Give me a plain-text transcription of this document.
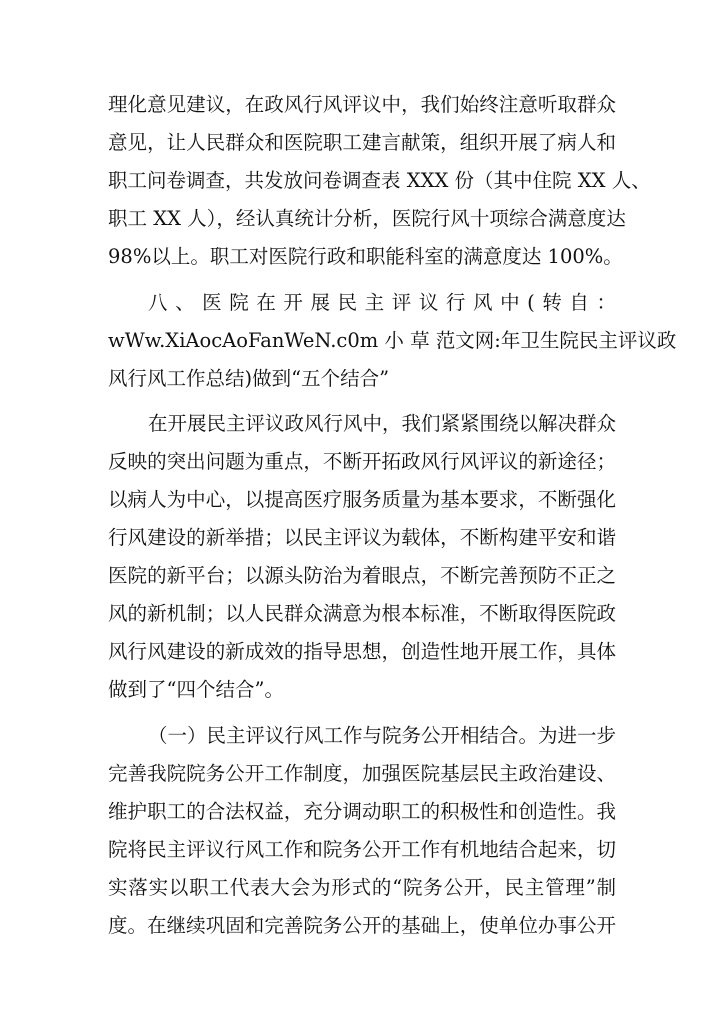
理化意见建议，在政风行风评议中，我们始终注意听取群众
意见，让人民群众和医院职工建言献策，组织开展了病人和
职工问卷调查，共发放问卷调查表 XXX 份（其中住院 XX 人、
职工 XX 人），经认真统计分析，医院行风十项综合满意度达
98%以上。职工对医院行政和职能科室的满意度达 100%。
八、医院在开展民主评议行风中(转自：
wWw.XiAocAoFanWeN.c0m 小 草 范文网:年卫生院民主评议政
风行风工作总结)做到“五个结合”
在开展民主评议政风行风中，我们紧紧围绕以解决群众
反映的突出问题为重点，不断开拓政风行风评议的新途径；
以病人为中心，以提高医疗服务质量为基本要求，不断强化
行风建设的新举措；以民主评议为载体，不断构建平安和谐
医院的新平台；以源头防治为着眼点，不断完善预防不正之
风的新机制；以人民群众满意为根本标准，不断取得医院政
风行风建设的新成效的指导思想，创造性地开展工作，具体
做到了“四个结合”。
（一）民主评议行风工作与院务公开相结合。为进一步
完善我院院务公开工作制度，加强医院基层民主政治建设、
维护职工的合法权益，充分调动职工的积极性和创造性。我
院将民主评议行风工作和院务公开工作有机地结合起来，切
实落实以职工代表大会为形式的“院务公开，民主管理”制
度。在继续巩固和完善院务公开的基础上，使单位办事公开
